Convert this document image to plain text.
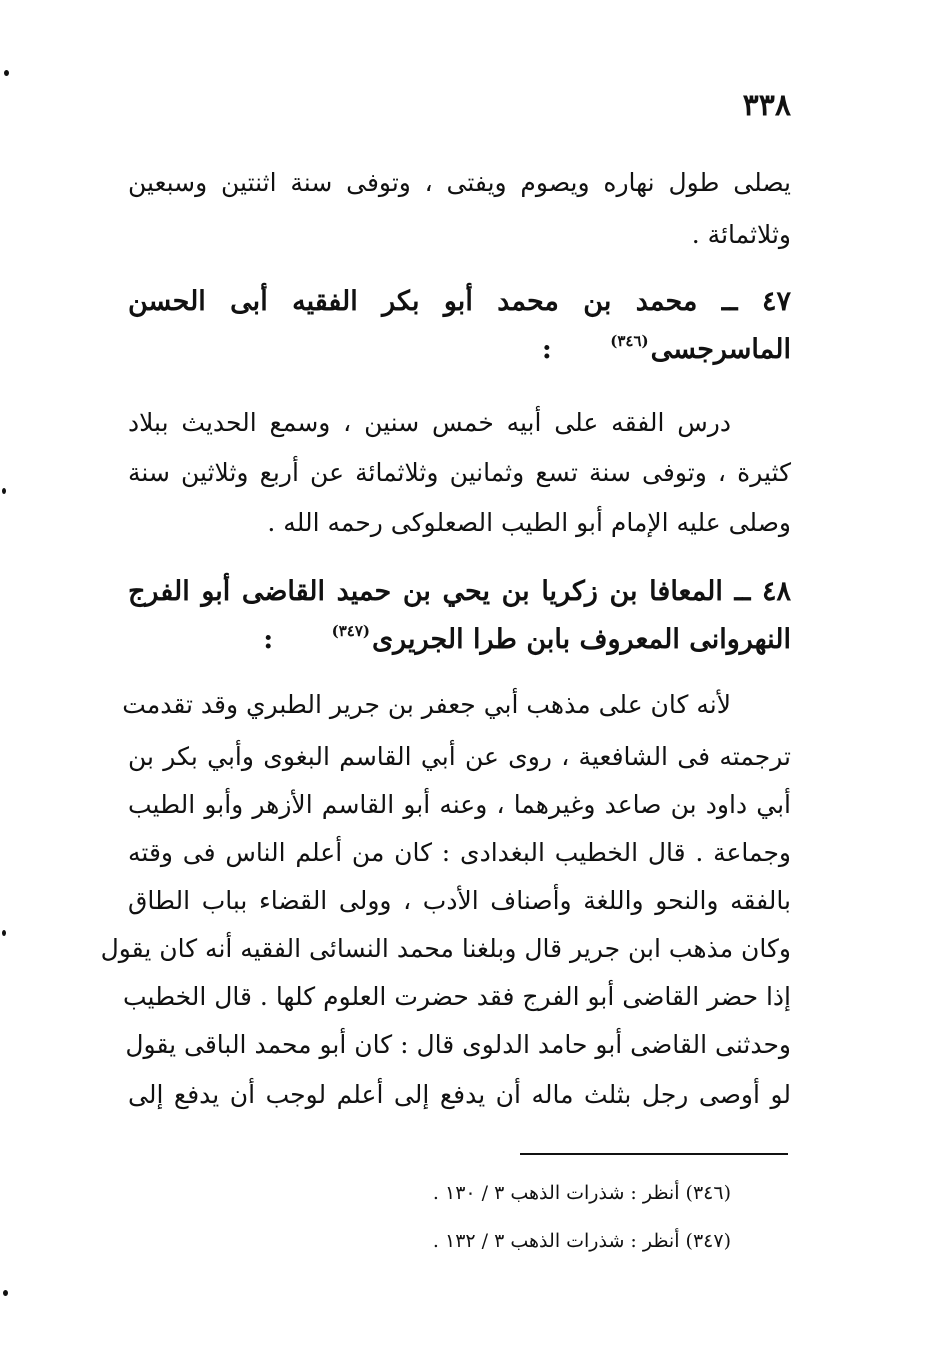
٣٣٨
يصلى طول نهاره ويصوم ويفتى ، وتوفى سنة اثنتين وسبعين
وثلاثمائة .
٤٧ ــ محمد بن محمد أبو بكر الفقيه أبى الحسن
الماسرجسى$^{(٣٤٦)}$      :
درس الفقه على أبيه خمس سنين ، وسمع الحديث ببلاد
كثيرة ، وتوفى سنة تسع وثمانين وثلاثمائة عن أربع وثلاثين سنة
وصلى عليه الإمام أبو الطيب الصعلوكى رحمه الله .
٤٨ ــ المعافا بن زكريا بن يحي بن حميد القاضى أبو الفرج
النهروانى المعروف بابن طرا الجريرى$^{(٣٤٧)}$      :
لأنه كان على مذهب أبي جعفر بن جرير الطبري وقد تقدمت
ترجمته فى الشافعية ، روى عن أبي القاسم البغوى وأبي بكر بن
أبي داود بن صاعد وغيرهما ، وعنه أبو القاسم الأزهر وأبو الطيب
وجماعة . قال الخطيب البغدادى : كان من أعلم الناس فى وقته
بالفقه والنحو واللغة وأصناف الأدب ، وولى القضاء بباب الطاق
وكان مذهب ابن جرير قال وبلغنا محمد النسائى الفقيه أنه كان يقول
إذا حضر القاضى أبو الفرج فقد حضرت العلوم كلها . قال الخطيب
وحدثنى القاضى أبو حامد الدلوى قال : كان أبو محمد الباقى يقول
لو أوصى رجل بثلث ماله أن يدفع إلى أعلم لوجب أن يدفع إلى
(٣٤٦) أنظر : شذرات الذهب ٣ / ١٣٠ .
(٣٤٧) أنظر : شذرات الذهب ٣ / ١٣٢ .
